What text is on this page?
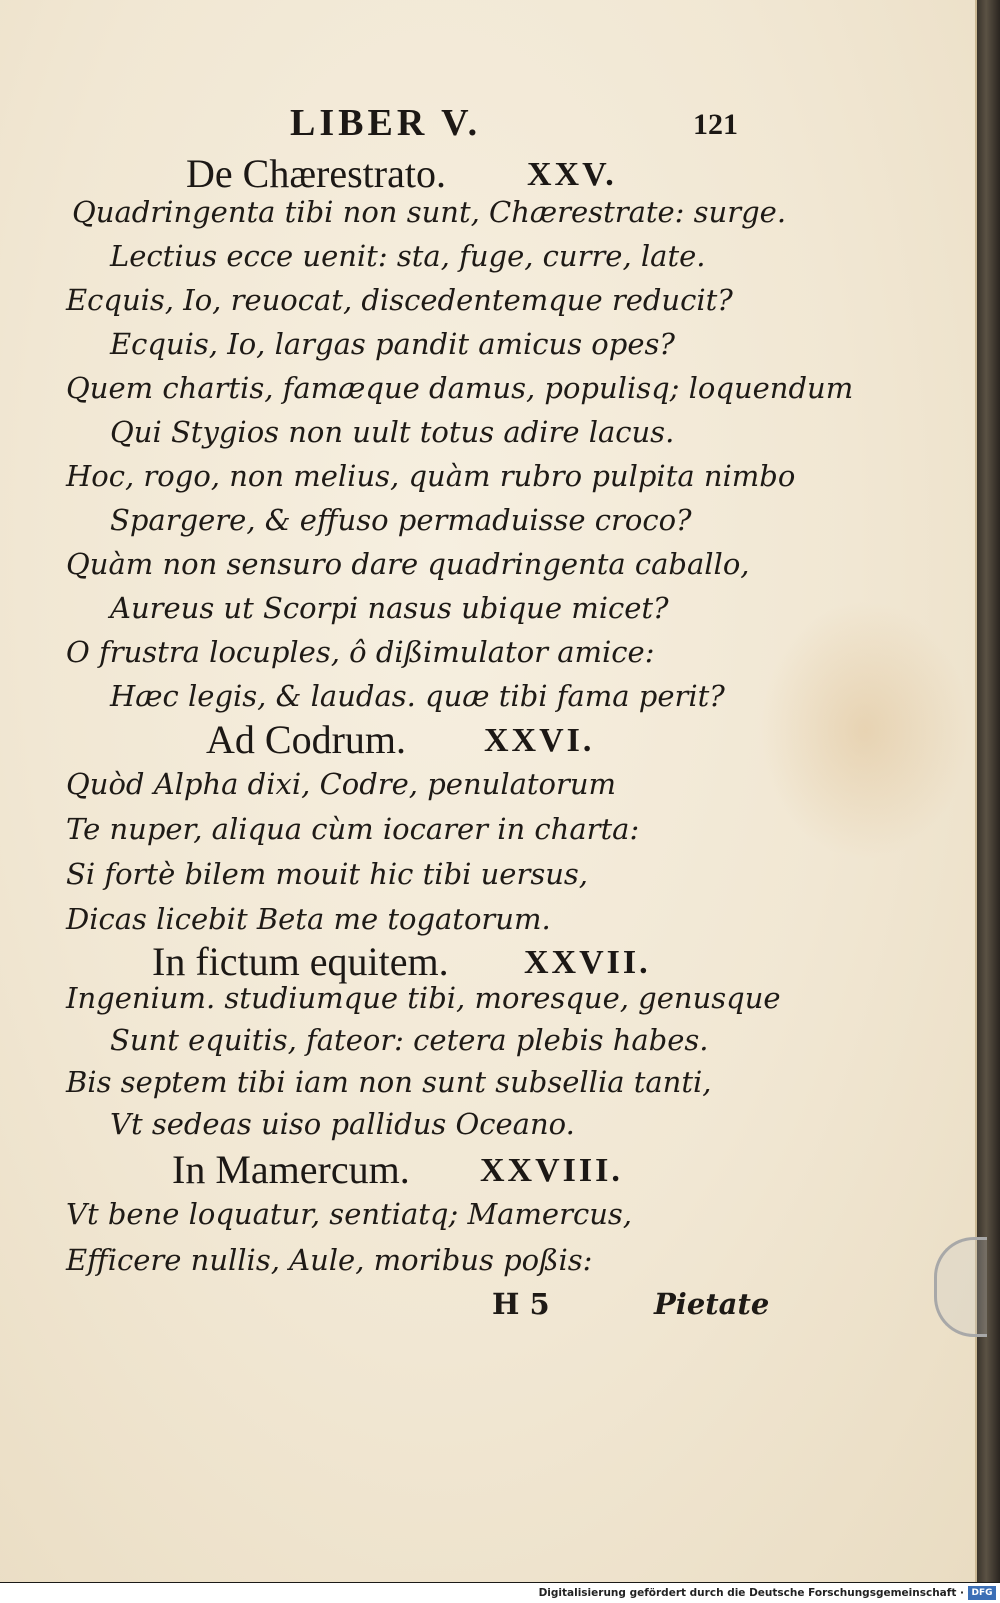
LIBER V.	121
De Chærestrato. XXV.
Quadringenta tibi non sunt, Chærestrate: surge.
Lectius ecce uenit: sta, fuge, curre, late.
Ecquis, Io, reuocat, discedentemque reducit?
Ecquis, Io, largas pandit amicus opes?
Quem chartis, famæque damus, populisq; loquendum
Qui Stygios non uult totus adire lacus.
Hoc, rogo, non melius, quàm rubro pulpita nimbo
Spargere, & effuso permaduisse croco?
Quàm non sensuro dare quadringenta caballo,
Aureus ut Scorpi nasus ubique micet?
O frustra locuples, ô dißimulator amice:
Hæc legis, & laudas. quæ tibi fama perit?
Ad Codrum. XXVI.
Quòd Alpha dixi, Codre, penulatorum
Te nuper, aliqua cùm iocarer in charta:
Si fortè bilem mouit hic tibi uersus,
Dicas licebit Beta me togatorum.
In fictum equitem. XXVII.
Ingenium. studiumque tibi, moresque, genusque
Sunt equitis, fateor: cetera plebis habes.
Bis septem tibi iam non sunt subsellia tanti,
Vt sedeas uiso pallidus Oceano.
In Mamercum. XXVIII.
Vt bene loquatur, sentiatq; Mamercus,
Efficere nullis, Aule, moribus poßis:
H 5	Pietate
Digitalisierung gefördert durch die Deutsche Forschungsgemeinschaft · DFG
